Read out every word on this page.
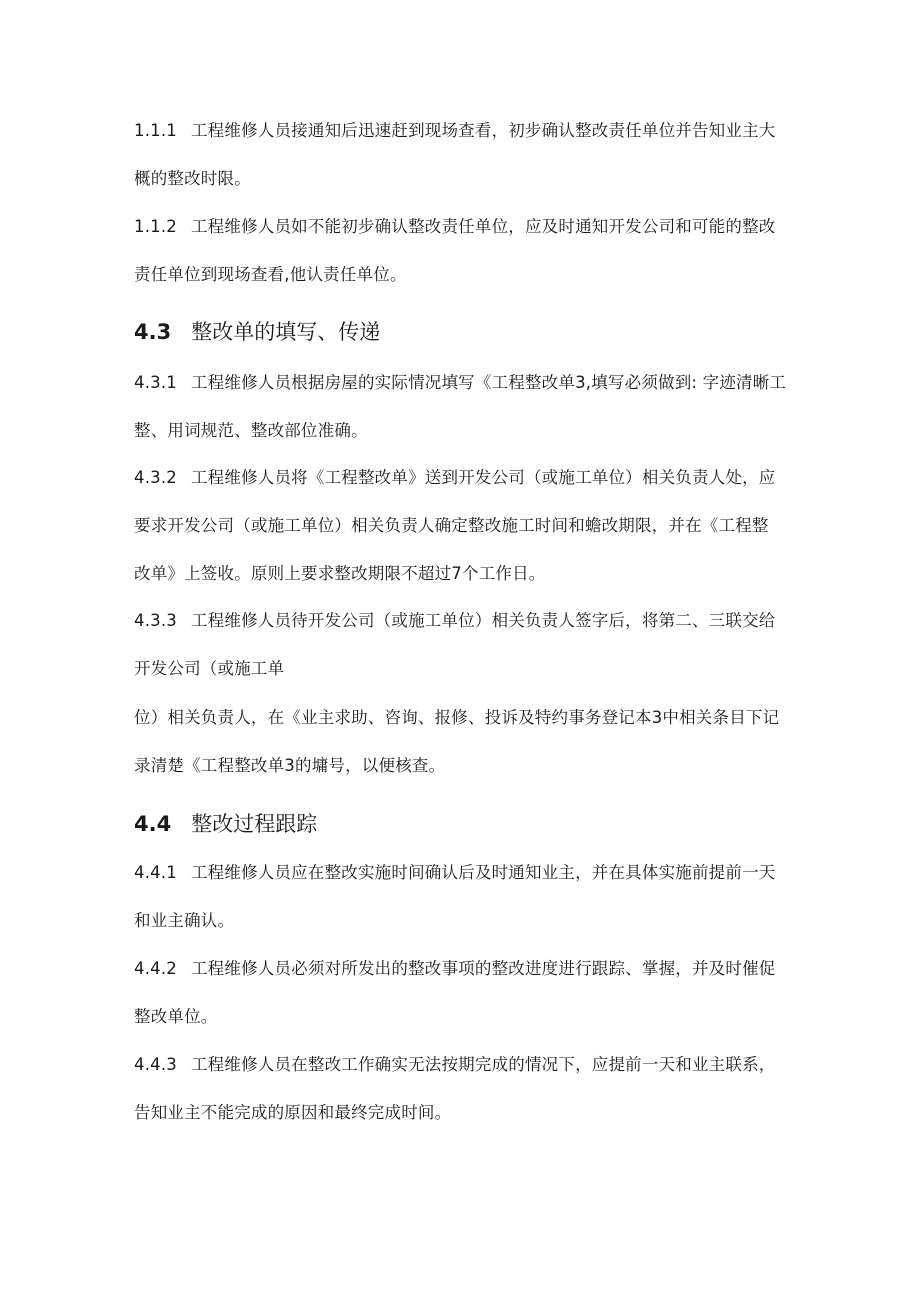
1.1.1 工程维修人员接通知后迅速赶到现场查看，初步确认整改责任单位并告知业主大
概的整改时限。
1.1.2 工程维修人员如不能初步确认整改责任单位，应及时通知开发公司和可能的整改
责任单位到现场查看,他认责任单位。
4.3 整改单的填写、传递
4.3.1 工程维修人员根据房屋的实际情况填写《工程整改单3,填写必须做到: 字迹清晰工
整、用词规范、整改部位准确。
4.3.2 工程维修人员将《工程整改单》送到开发公司（或施工单位）相关负责人处，应
要求开发公司（或施工单位）相关负责人确定整改施工时间和蟾改期限，并在《工程整
改单》上签收。原则上要求整改期限不超过7个工作日。
4.3.3 工程维修人员待开发公司（或施工单位）相关负责人签字后，将第二、三联交给
开发公司（或施工单
位）相关负责人，在《业主求助、咨询、报修、投诉及特约事务登记本3中相关条目下记
录清楚《工程整改单3的墉号，以便核查。
4.4 整改过程跟踪
4.4.1 工程维修人员应在整改实施时间确认后及时通知业主，并在具体实施前提前一天
和业主确认。
4.4.2 工程维修人员必须对所发出的整改事项的整改进度进行跟踪、掌握，并及时催促
整改单位。
4.4.3 工程维修人员在整改工作确实无法按期完成的情况下，应提前一天和业主联系，
告知业主不能完成的原因和最终完成时间。
